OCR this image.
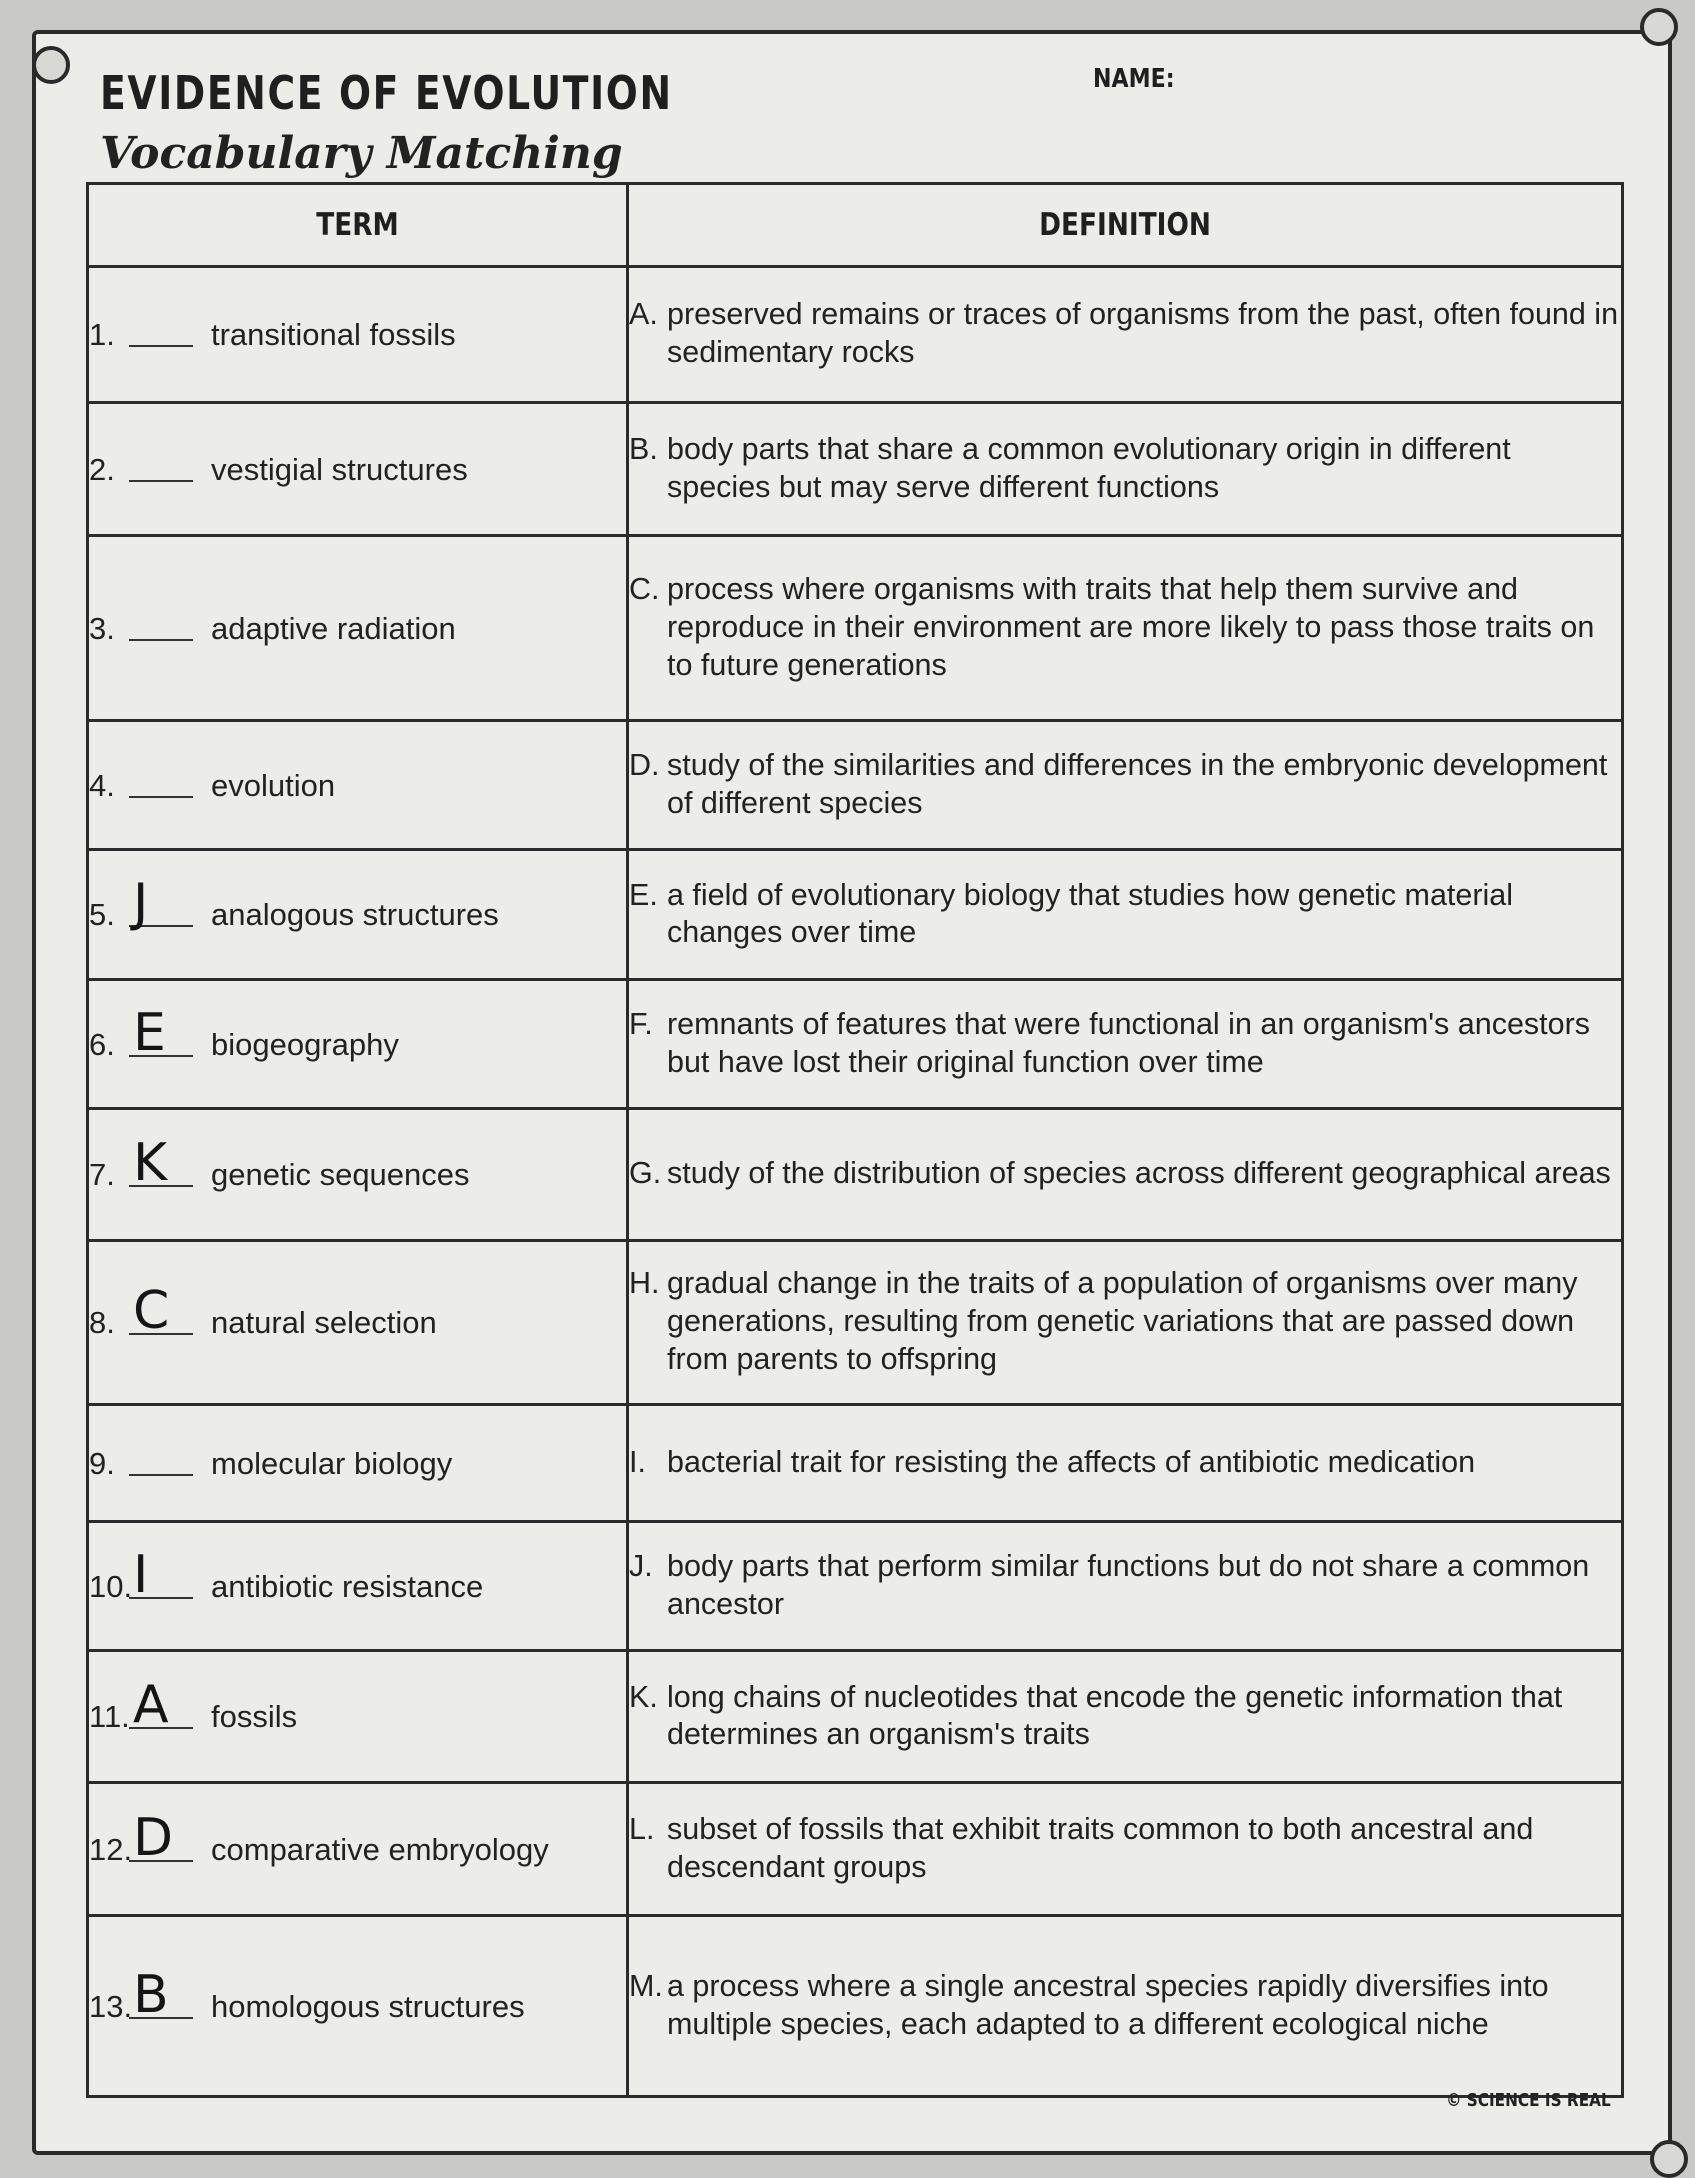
EVIDENCE OF EVOLUTION	NAME:
Vocabulary Matching
TERM	DEFINITION
1. transitional fossils	A. preserved remains or traces of organisms from the past, often found in sedimentary rocks

2. vestigial structures	B. body parts that share a common evolutionary origin in different species but may serve different functions

3. adaptive radiation	C. process where organisms with traits that help them survive and reproduce in their environment are more likely to pass those traits on to future generations

4. evolution	D. study of the similarities and differences in the embryonic development of different species

5. J analogous structures	E. a field of evolutionary biology that studies how genetic material changes over time

6. E biogeography	F. remnants of features that were functional in an organism's ancestors but have lost their original function over time

7. K genetic sequences	G. study of the distribution of species across different geographical areas

8. C natural selection	H. gradual change in the traits of a population of organisms over many generations, resulting from genetic variations that are passed down from parents to offspring

9. molecular biology	I. bacterial trait for resisting the affects of antibiotic medication

10. I antibiotic resistance	J. body parts that perform similar functions but do not share a common ancestor

11. A fossils	K. long chains of nucleotides that encode the genetic information that determines an organism's traits

12. D comparative embryology	L. subset of fossils that exhibit traits common to both ancestral and descendant groups

13. B homologous structures	M. a process where a single ancestral species rapidly diversifies into multiple species, each adapted to a different ecological niche
© SCIENCE IS REAL
